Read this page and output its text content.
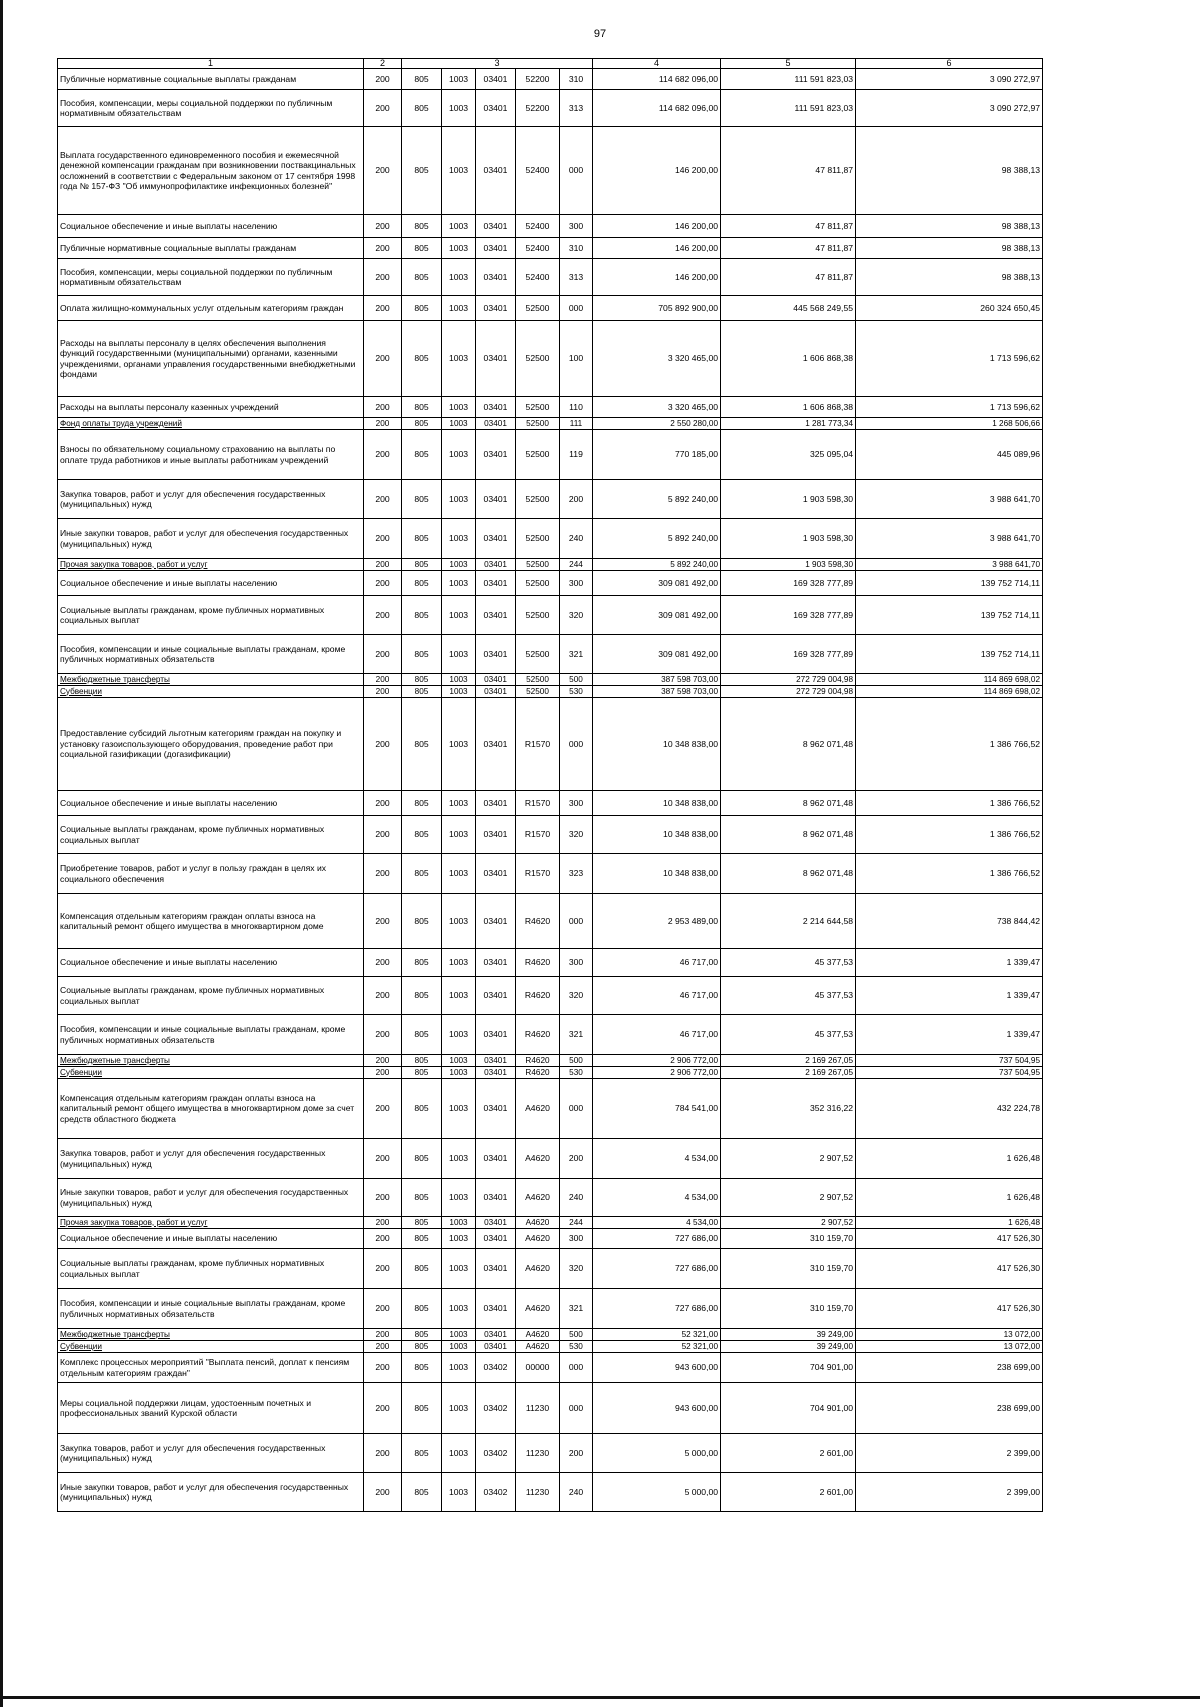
97
1	2	3					4	5	6
Публичные нормативные социальные выплаты гражданам	200	805	1003	03401	52200	310	114 682 096,00	111 591 823,03	3 090 272,97
Пособия, компенсации, меры социальной поддержки по публичным нормативным обязательствам	200	805	1003	03401	52200	313	114 682 096,00	111 591 823,03	3 090 272,97
Выплата государственного единовременного пособия и ежемесячной денежной компенсации гражданам при возникновении поствакцинальных осложнений в соответствии с Федеральным законом от 17 сентября 1998 года № 157-ФЗ "Об иммунопрофилактике инфекционных болезней"	200	805	1003	03401	52400	000	146 200,00	47 811,87	98 388,13
Социальное обеспечение и иные выплаты населению	200	805	1003	03401	52400	300	146 200,00	47 811,87	98 388,13
Публичные нормативные социальные выплаты гражданам	200	805	1003	03401	52400	310	146 200,00	47 811,87	98 388,13
Пособия, компенсации, меры социальной поддержки по публичным нормативным обязательствам	200	805	1003	03401	52400	313	146 200,00	47 811,87	98 388,13
Оплата жилищно-коммунальных услуг отдельным категориям граждан	200	805	1003	03401	52500	000	705 892 900,00	445 568 249,55	260 324 650,45
Расходы на выплаты персоналу в целях обеспечения выполнения функций государственными (муниципальными) органами, казенными учреждениями, органами управления государственными внебюджетными фондами	200	805	1003	03401	52500	100	3 320 465,00	1 606 868,38	1 713 596,62
Расходы на выплаты персоналу казенных учреждений	200	805	1003	03401	52500	110	3 320 465,00	1 606 868,38	1 713 596,62
Фонд оплаты труда учреждений	200	805	1003	03401	52500	111	2 550 280,00	1 281 773,34	1 268 506,66
Взносы по обязательному социальному страхованию на выплаты по оплате труда работников и иные выплаты работникам учреждений	200	805	1003	03401	52500	119	770 185,00	325 095,04	445 089,96
Закупка товаров, работ и услуг для обеспечения государственных (муниципальных) нужд	200	805	1003	03401	52500	200	5 892 240,00	1 903 598,30	3 988 641,70
Иные закупки товаров, работ и услуг для обеспечения государственных (муниципальных) нужд	200	805	1003	03401	52500	240	5 892 240,00	1 903 598,30	3 988 641,70
Прочая закупка товаров, работ и услуг	200	805	1003	03401	52500	244	5 892 240,00	1 903 598,30	3 988 641,70
Социальное обеспечение и иные выплаты населению	200	805	1003	03401	52500	300	309 081 492,00	169 328 777,89	139 752 714,11
Социальные выплаты гражданам, кроме публичных нормативных социальных выплат	200	805	1003	03401	52500	320	309 081 492,00	169 328 777,89	139 752 714,11
Пособия, компенсации и иные социальные выплаты гражданам, кроме публичных нормативных обязательств	200	805	1003	03401	52500	321	309 081 492,00	169 328 777,89	139 752 714,11
Межбюджетные трансферты	200	805	1003	03401	52500	500	387 598 703,00	272 729 004,98	114 869 698,02
Субвенции	200	805	1003	03401	52500	530	387 598 703,00	272 729 004,98	114 869 698,02
Предоставление субсидий льготным категориям граждан на покупку и установку газоиспользующего оборудования, проведение работ при социальной газификации (догазификации)	200	805	1003	03401	R1570	000	10 348 838,00	8 962 071,48	1 386 766,52
Социальное обеспечение и иные выплаты населению	200	805	1003	03401	R1570	300	10 348 838,00	8 962 071,48	1 386 766,52
Социальные выплаты гражданам, кроме публичных нормативных социальных выплат	200	805	1003	03401	R1570	320	10 348 838,00	8 962 071,48	1 386 766,52
Приобретение товаров, работ и услуг в пользу граждан в целях их социального обеспечения	200	805	1003	03401	R1570	323	10 348 838,00	8 962 071,48	1 386 766,52
Компенсация отдельным категориям граждан оплаты взноса на капитальный ремонт общего имущества в многоквартирном доме	200	805	1003	03401	R4620	000	2 953 489,00	2 214 644,58	738 844,42
Социальное обеспечение и иные выплаты населению	200	805	1003	03401	R4620	300	46 717,00	45 377,53	1 339,47
Социальные выплаты гражданам, кроме публичных нормативных социальных выплат	200	805	1003	03401	R4620	320	46 717,00	45 377,53	1 339,47
Пособия, компенсации и иные социальные выплаты гражданам, кроме публичных нормативных обязательств	200	805	1003	03401	R4620	321	46 717,00	45 377,53	1 339,47
Межбюджетные трансферты	200	805	1003	03401	R4620	500	2 906 772,00	2 169 267,05	737 504,95
Субвенции	200	805	1003	03401	R4620	530	2 906 772,00	2 169 267,05	737 504,95
Компенсация отдельным категориям граждан оплаты взноса на капитальный ремонт общего имущества в многоквартирном доме за счет средств областного бюджета	200	805	1003	03401	A4620	000	784 541,00	352 316,22	432 224,78
Закупка товаров, работ и услуг для обеспечения государственных (муниципальных) нужд	200	805	1003	03401	A4620	200	4 534,00	2 907,52	1 626,48
Иные закупки товаров, работ и услуг для обеспечения государственных (муниципальных) нужд	200	805	1003	03401	A4620	240	4 534,00	2 907,52	1 626,48
Прочая закупка товаров, работ и услуг	200	805	1003	03401	A4620	244	4 534,00	2 907,52	1 626,48
Социальное обеспечение и иные выплаты населению	200	805	1003	03401	A4620	300	727 686,00	310 159,70	417 526,30
Социальные выплаты гражданам, кроме публичных нормативных социальных выплат	200	805	1003	03401	A4620	320	727 686,00	310 159,70	417 526,30
Пособия, компенсации и иные социальные выплаты гражданам, кроме публичных нормативных обязательств	200	805	1003	03401	A4620	321	727 686,00	310 159,70	417 526,30
Межбюджетные трансферты	200	805	1003	03401	A4620	500	52 321,00	39 249,00	13 072,00
Субвенции	200	805	1003	03401	A4620	530	52 321,00	39 249,00	13 072,00
Комплекс процессных мероприятий "Выплата пенсий, доплат к пенсиям отдельным категориям граждан"	200	805	1003	03402	00000	000	943 600,00	704 901,00	238 699,00
Меры социальной поддержки лицам, удостоенным почетных и профессиональных званий Курской области	200	805	1003	03402	11230	000	943 600,00	704 901,00	238 699,00
Закупка товаров, работ и услуг для обеспечения государственных (муниципальных) нужд	200	805	1003	03402	11230	200	5 000,00	2 601,00	2 399,00
Иные закупки товаров, работ и услуг для обеспечения государственных (муниципальных) нужд	200	805	1003	03402	11230	240	5 000,00	2 601,00	2 399,00
